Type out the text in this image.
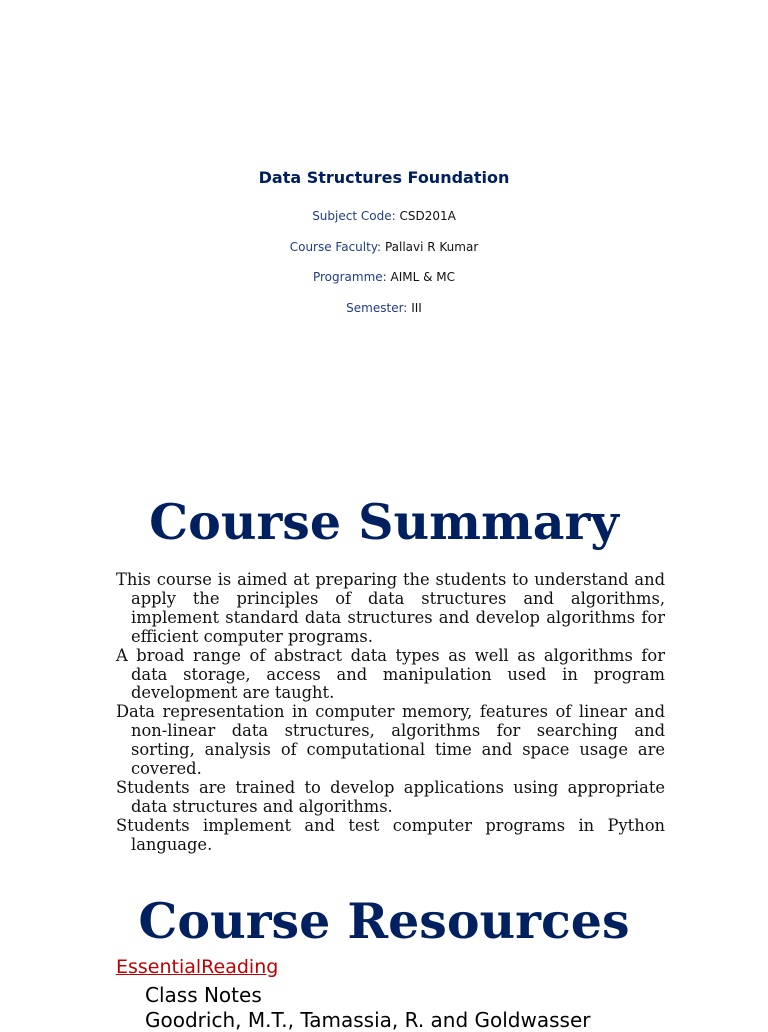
Data Structures Foundation
Subject Code: CSD201A
Course Faculty: Pallavi R Kumar
Programme: AIML & MC
Semester: III
Course Summary
This course is aimed at preparing the students to understand and apply the principles of data structures and algorithms, implement standard data structures and develop algorithms for efficient computer programs.
A broad range of abstract data types as well as algorithms for data storage, access and manipulation used in program development are taught.
Data representation in computer memory, features of linear and non-linear data structures, algorithms for searching and sorting, analysis of computational time and space usage are covered.
Students are trained to develop applications using appropriate data structures and algorithms.
Students implement and test computer programs in Python language.
Course Resources
EssentialReading
Class Notes
Goodrich, M.T., Tamassia, R. and Goldwasser
